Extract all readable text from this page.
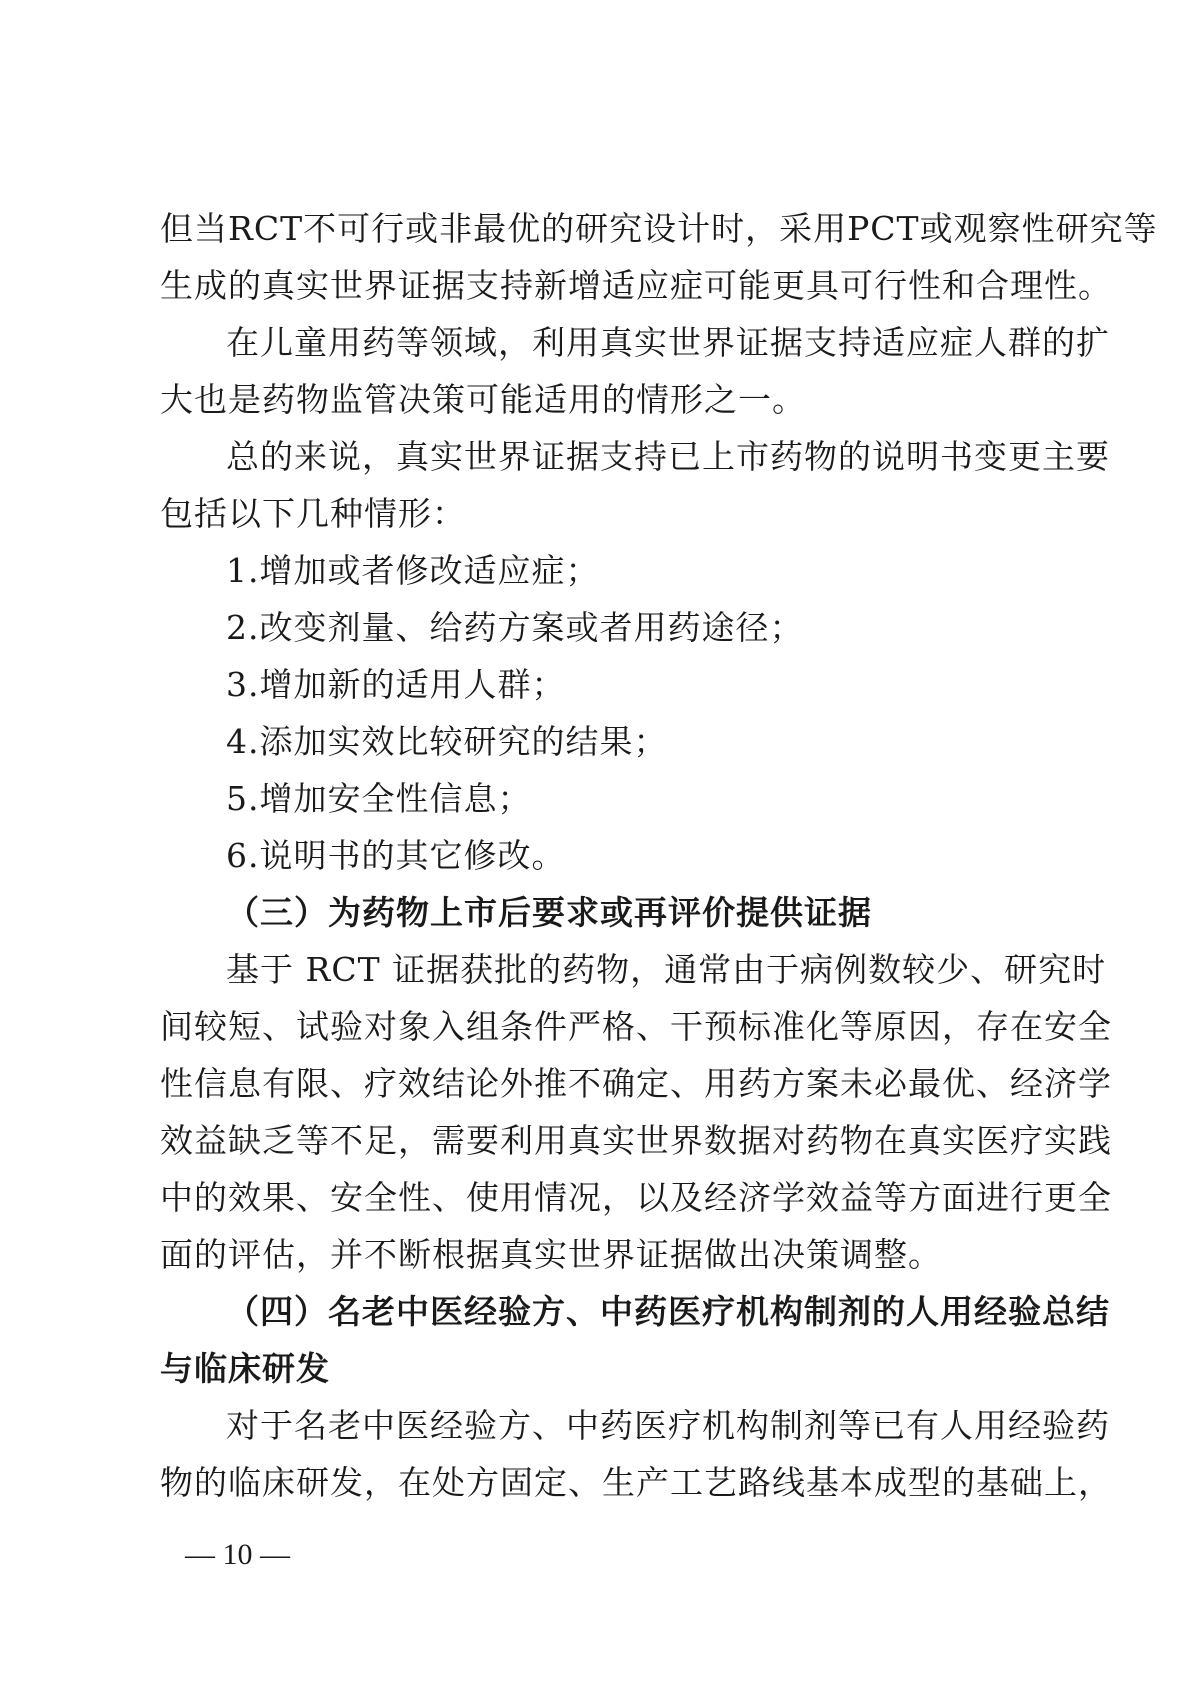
但当RCT不可行或非最优的研究设计时，采用PCT或观察性研究等
生成的真实世界证据支持新增适应症可能更具可行性和合理性。
在儿童用药等领域，利用真实世界证据支持适应症人群的扩
大也是药物监管决策可能适用的情形之一。
总的来说，真实世界证据支持已上市药物的说明书变更主要
包括以下几种情形：
1.增加或者修改适应症；
2.改变剂量、给药方案或者用药途径；
3.增加新的适用人群；
4.添加实效比较研究的结果；
5.增加安全性信息；
6.说明书的其它修改。
（三）为药物上市后要求或再评价提供证据
基于 RCT 证据获批的药物，通常由于病例数较少、研究时
间较短、试验对象入组条件严格、干预标准化等原因，存在安全
性信息有限、疗效结论外推不确定、用药方案未必最优、经济学
效益缺乏等不足，需要利用真实世界数据对药物在真实医疗实践
中的效果、安全性、使用情况，以及经济学效益等方面进行更全
面的评估，并不断根据真实世界证据做出决策调整。
（四）名老中医经验方、中药医疗机构制剂的人用经验总结
与临床研发
对于名老中医经验方、中药医疗机构制剂等已有人用经验药
物的临床研发，在处方固定、生产工艺路线基本成型的基础上，
— 10 —
